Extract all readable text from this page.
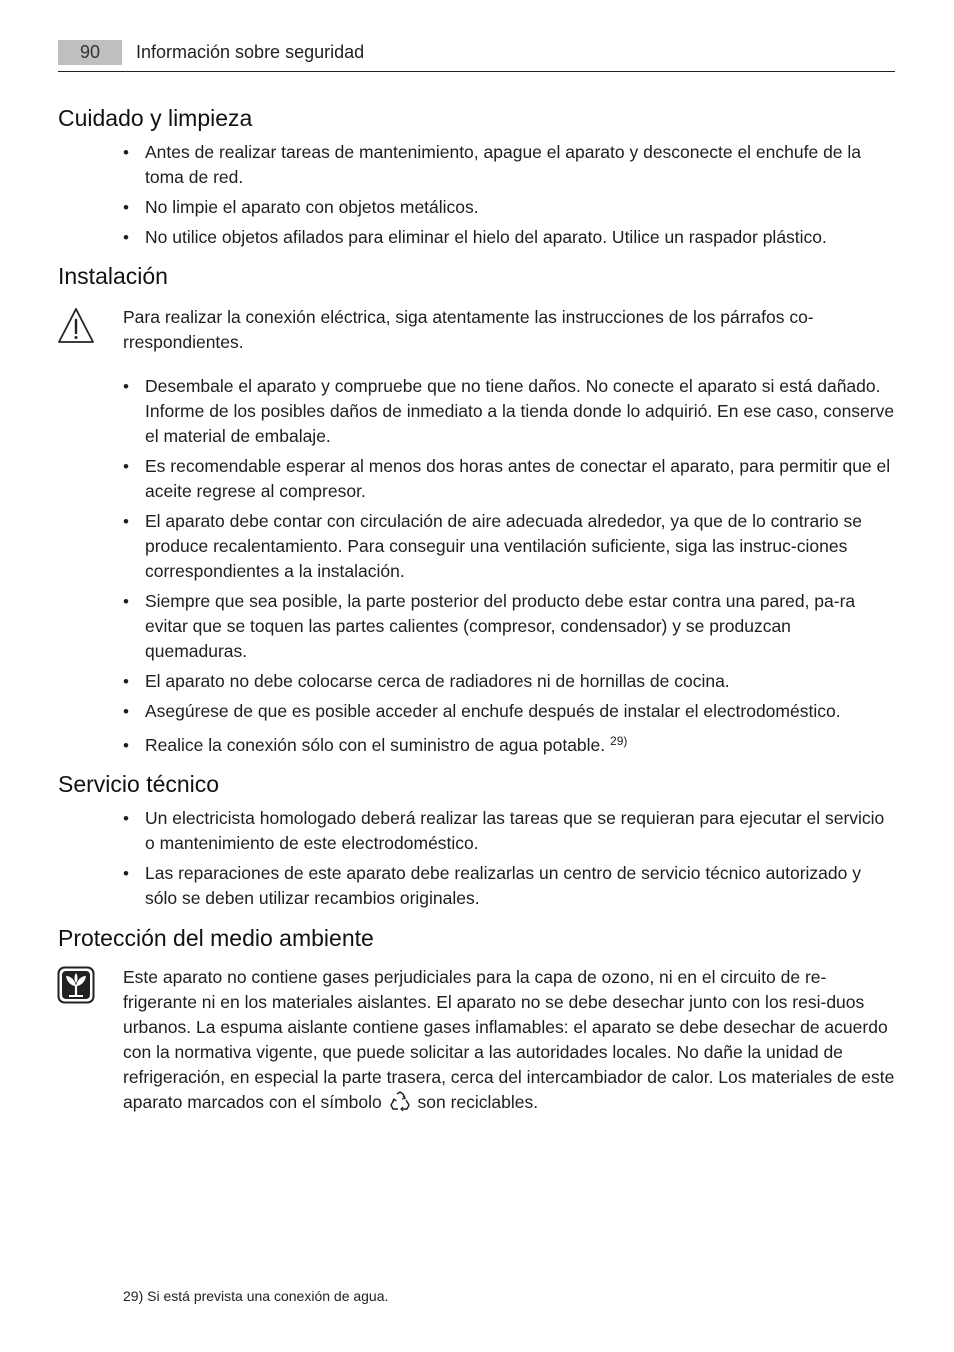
90	Información sobre seguridad
Cuidado y limpieza
• Antes de realizar tareas de mantenimiento, apague el aparato y desconecte el enchufe de la toma de red.
• No limpie el aparato con objetos metálicos.
• No utilice objetos afilados para eliminar el hielo del aparato. Utilice un raspador plástico.
Instalación
Para realizar la conexión eléctrica, siga atentamente las instrucciones de los párrafos co-rrespondientes.
• Desembale el aparato y compruebe que no tiene daños. No conecte el aparato si está dañado. Informe de los posibles daños de inmediato a la tienda donde lo adquirió. En ese caso, conserve el material de embalaje.
• Es recomendable esperar al menos dos horas antes de conectar el aparato, para permitir que el aceite regrese al compresor.
• El aparato debe contar con circulación de aire adecuada alrededor, ya que de lo contrario se produce recalentamiento. Para conseguir una ventilación suficiente, siga las instruc-ciones correspondientes a la instalación.
• Siempre que sea posible, la parte posterior del producto debe estar contra una pared, pa-ra evitar que se toquen las partes calientes (compresor, condensador) y se produzcan quemaduras.
• El aparato no debe colocarse cerca de radiadores ni de hornillas de cocina.
• Asegúrese de que es posible acceder al enchufe después de instalar el electrodoméstico.
• Realice la conexión sólo con el suministro de agua potable. $^{29)}$
Servicio técnico
• Un electricista homologado deberá realizar las tareas que se requieran para ejecutar el servicio o mantenimiento de este electrodoméstico.
• Las reparaciones de este aparato debe realizarlas un centro de servicio técnico autorizado y sólo se deben utilizar recambios originales.
Protección del medio ambiente
Este aparato no contiene gases perjudiciales para la capa de ozono, ni en el circuito de re-frigerante ni en los materiales aislantes. El aparato no se debe desechar junto con los resi-duos urbanos. La espuma aislante contiene gases inflamables: el aparato se debe desechar de acuerdo con la normativa vigente, que puede solicitar a las autoridades locales. No dañe la unidad de refrigeración, en especial la parte trasera, cerca del intercambiador de calor. Los materiales de este aparato marcados con el símbolo son reciclables.
29) Si está prevista una conexión de agua.
